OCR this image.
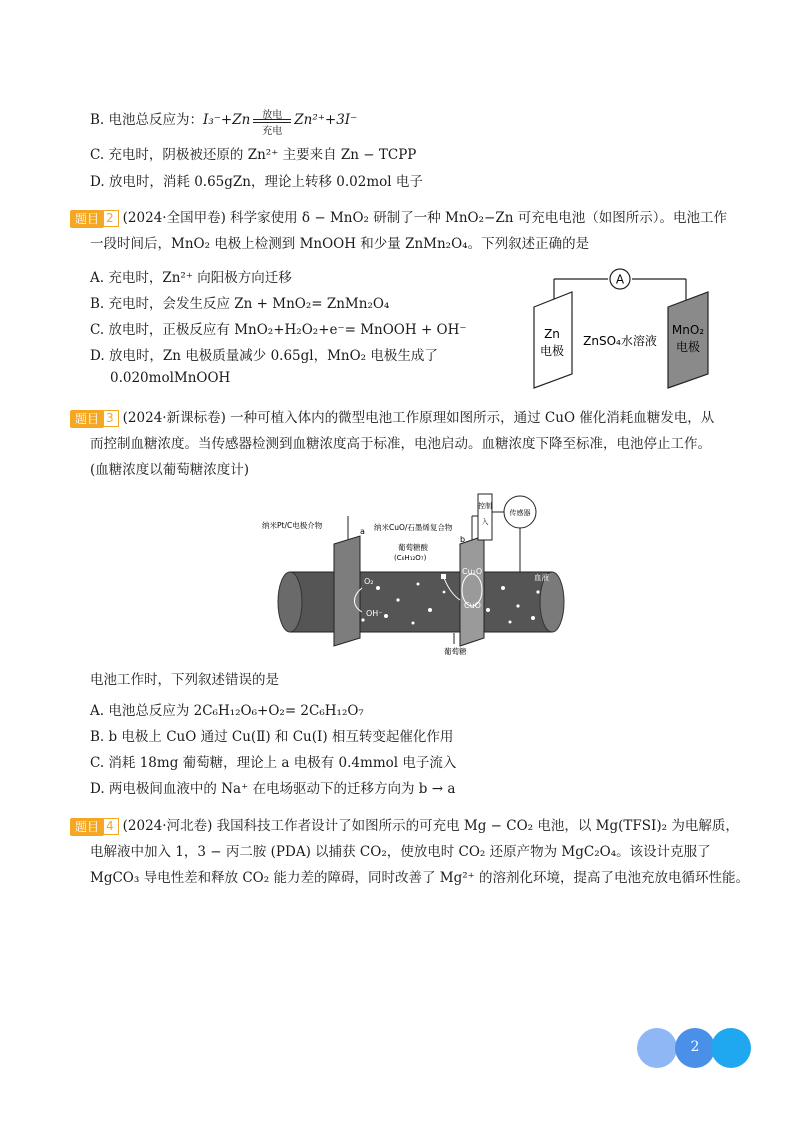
B. 电池总反应为：$I_3^-+Zn \frac{\text{放电}}{\text{充电}} Zn^{2+}+3I^-$
C. 充电时，阴极被还原的 Zn²⁺ 主要来自 Zn − TCPP
D. 放电时，消耗 0.65gZn，理论上转移 0.02mol 电子
题目 2 (2024·全国甲卷) 科学家使用 δ − MnO₂ 研制了一种 MnO₂−Zn 可充电电池（如图所示）。电池工作
一段时间后，MnO₂ 电极上检测到 MnOOH 和少量 ZnMn₂O₄。下列叙述正确的是
A. 充电时，Zn²⁺ 向阳极方向迁移
B. 充电时，会发生反应 Zn + MnO₂= ZnMn₂O₄
C. 放电时，正极反应有 MnO₂+H₂O₂+e⁻= MnOOH + OH⁻
D. 放电时，Zn 电极质量减少 0.65gl，MnO₂ 电极生成了
0.020molMnOOH
A
Zn
电极
ZnSO₄水溶液
MnO₂
电极
题目 3 (2024·新课标卷) 一种可植入体内的微型电池工作原理如图所示，通过 CuO 催化消耗血糖发电，从
而控制血糖浓度。当传感器检测到血糖浓度高于标准，电池启动。血糖浓度下降至标准，电池停止工作。
(血糖浓度以葡萄糖浓度计)
a
b
控制
入
传感器
纳米Pt/C电极介物	纳米CuO/石墨烯复合物
葡萄糖酸
(C₆H₁₂O₇)
O₂
OH⁻
Cu₂O
CuO
葡萄糖
血液
电池工作时，下列叙述错误的是
A. 电池总反应为 2C₆H₁₂O₆+O₂= 2C₆H₁₂O₇
B. b 电极上 CuO 通过 Cu(Ⅱ) 和 Cu(Ⅰ) 相互转变起催化作用
C. 消耗 18mg 葡萄糖，理论上 a 电极有 0.4mmol 电子流入
D. 两电极间血液中的 Na⁺ 在电场驱动下的迁移方向为 b → a
题目 4 (2024·河北卷) 我国科技工作者设计了如图所示的可充电 Mg − CO₂ 电池，以 Mg(TFSI)₂ 为电解质，
电解液中加入 1，3 − 丙二胺 (PDA) 以捕获 CO₂，使放电时 CO₂ 还原产物为 MgC₂O₄。该设计克服了
MgCO₃ 导电性差和释放 CO₂ 能力差的障碍，同时改善了 Mg²⁺ 的溶剂化环境，提高了电池充放电循环性能。
2
